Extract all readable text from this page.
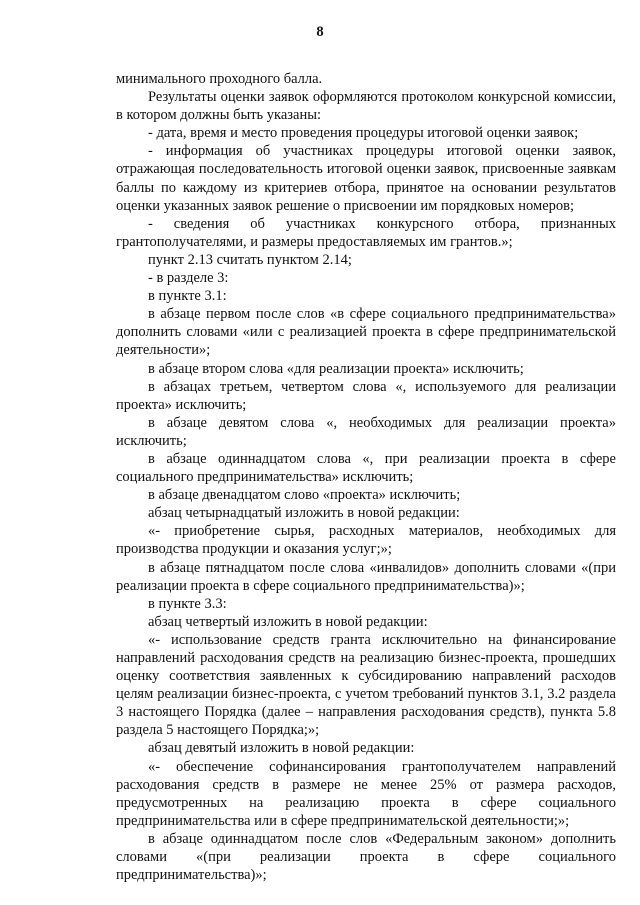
8

минимального проходного балла.

Результаты оценки заявок оформляются протоколом конкурсной комиссии, в котором должны быть указаны:

- дата, время и место проведения процедуры итоговой оценки заявок;

- информация об участниках процедуры итоговой оценки заявок, отражающая последовательность итоговой оценки заявок, присвоенные заявкам баллы по каждому из критериев отбора, принятое на основании результатов оценки указанных заявок решение о присвоении им порядковых номеров;

- сведения об участниках конкурсного отбора, признанных грантополучателями, и размеры предоставляемых им грантов.»;

пункт 2.13 считать пунктом 2.14;

- в разделе 3:

в пункте 3.1:

в абзаце первом после слов «в сфере социального предпринимательства» дополнить словами «или с реализацией проекта в сфере предпринимательской деятельности»;

в абзаце втором слова «для реализации проекта» исключить;

в абзацах третьем, четвертом слова «, используемого для реализации проекта» исключить;

в абзаце девятом слова «, необходимых для реализации проекта» исключить;

в абзаце одиннадцатом слова «, при реализации проекта в сфере социального предпринимательства» исключить;

в абзаце двенадцатом слово «проекта» исключить;

абзац четырнадцатый изложить в новой редакции:

«- приобретение сырья, расходных материалов, необходимых для производства продукции и оказания услуг;»;

в абзаце пятнадцатом после слова «инвалидов» дополнить словами «(при реализации проекта в сфере социального предпринимательства)»;

в пункте 3.3:

абзац четвертый изложить в новой редакции:

«- использование средств гранта исключительно на финансирование направлений расходования средств на реализацию бизнес-проекта, прошедших оценку соответствия заявленных к субсидированию направлений расходов целям реализации бизнес-проекта, с учетом требований пунктов 3.1, 3.2 раздела 3 настоящего Порядка (далее – направления расходования средств), пункта 5.8 раздела 5 настоящего Порядка;»;

абзац девятый изложить в новой редакции:

«- обеспечение софинансирования грантополучателем направлений расходования средств в размере не менее 25% от размера расходов, предусмотренных на реализацию проекта в сфере социального предпринимательства или в сфере предпринимательской деятельности;»;

в абзаце одиннадцатом после слов «Федеральным законом» дополнить словами «(при реализации проекта в сфере социального предпринимательства)»;
